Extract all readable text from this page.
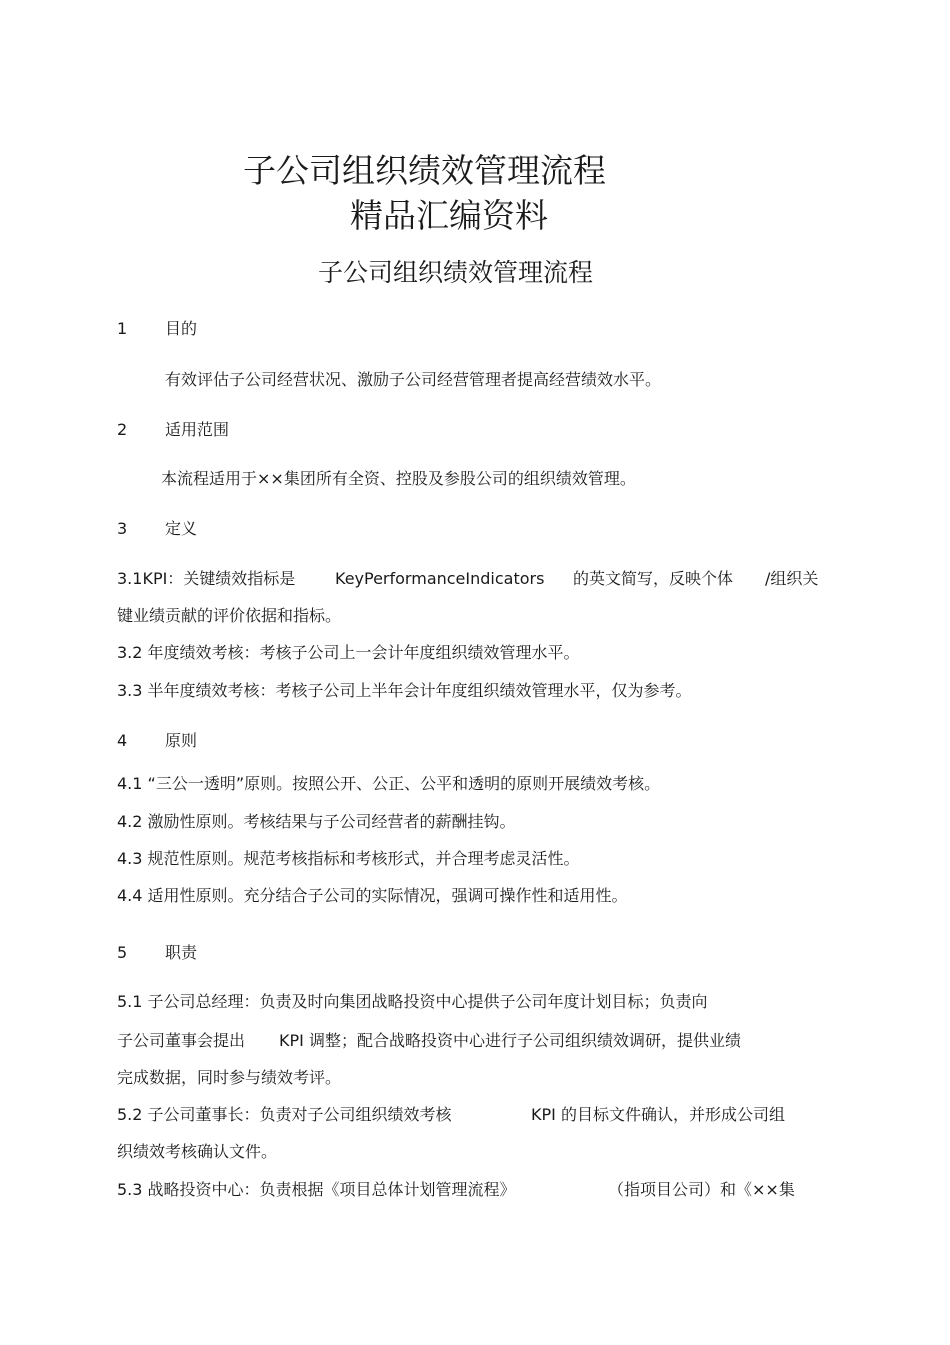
子公司组织绩效管理流程
精品汇编资料
子公司组织绩效管理流程
1 目的
有效评估子公司经营状况、激励子公司经营管理者提高经营绩效水平。
2 适用范围
本流程适用于××集团所有全资、控股及参股公司的组织绩效管理。
3 定义
3.1KPI：关键绩效指标是 KeyPerformanceIndicators 的英文简写，反映个体 /组织关
键业绩贡献的评价依据和指标。
3.2 年度绩效考核：考核子公司上一会计年度组织绩效管理水平。
3.3 半年度绩效考核：考核子公司上半年会计年度组织绩效管理水平，仅为参考。
4 原则
4.1 “三公一透明”原则。按照公开、公正、公平和透明的原则开展绩效考核。
4.2 激励性原则。考核结果与子公司经营者的薪酬挂钩。
4.3 规范性原则。规范考核指标和考核形式，并合理考虑灵活性。
4.4 适用性原则。充分结合子公司的实际情况，强调可操作性和适用性。
5 职责
5.1 子公司总经理：负责及时向集团战略投资中心提供子公司年度计划目标；负责向
子公司董事会提出 KPI 调整；配合战略投资中心进行子公司组织绩效调研，提供业绩
完成数据，同时参与绩效考评。
5.2 子公司董事长：负责对子公司组织绩效考核	KPI 的目标文件确认，并形成公司组
织绩效考核确认文件。
5.3 战略投资中心：负责根据《项目总体计划管理流程》	（指项目公司）和《××集
